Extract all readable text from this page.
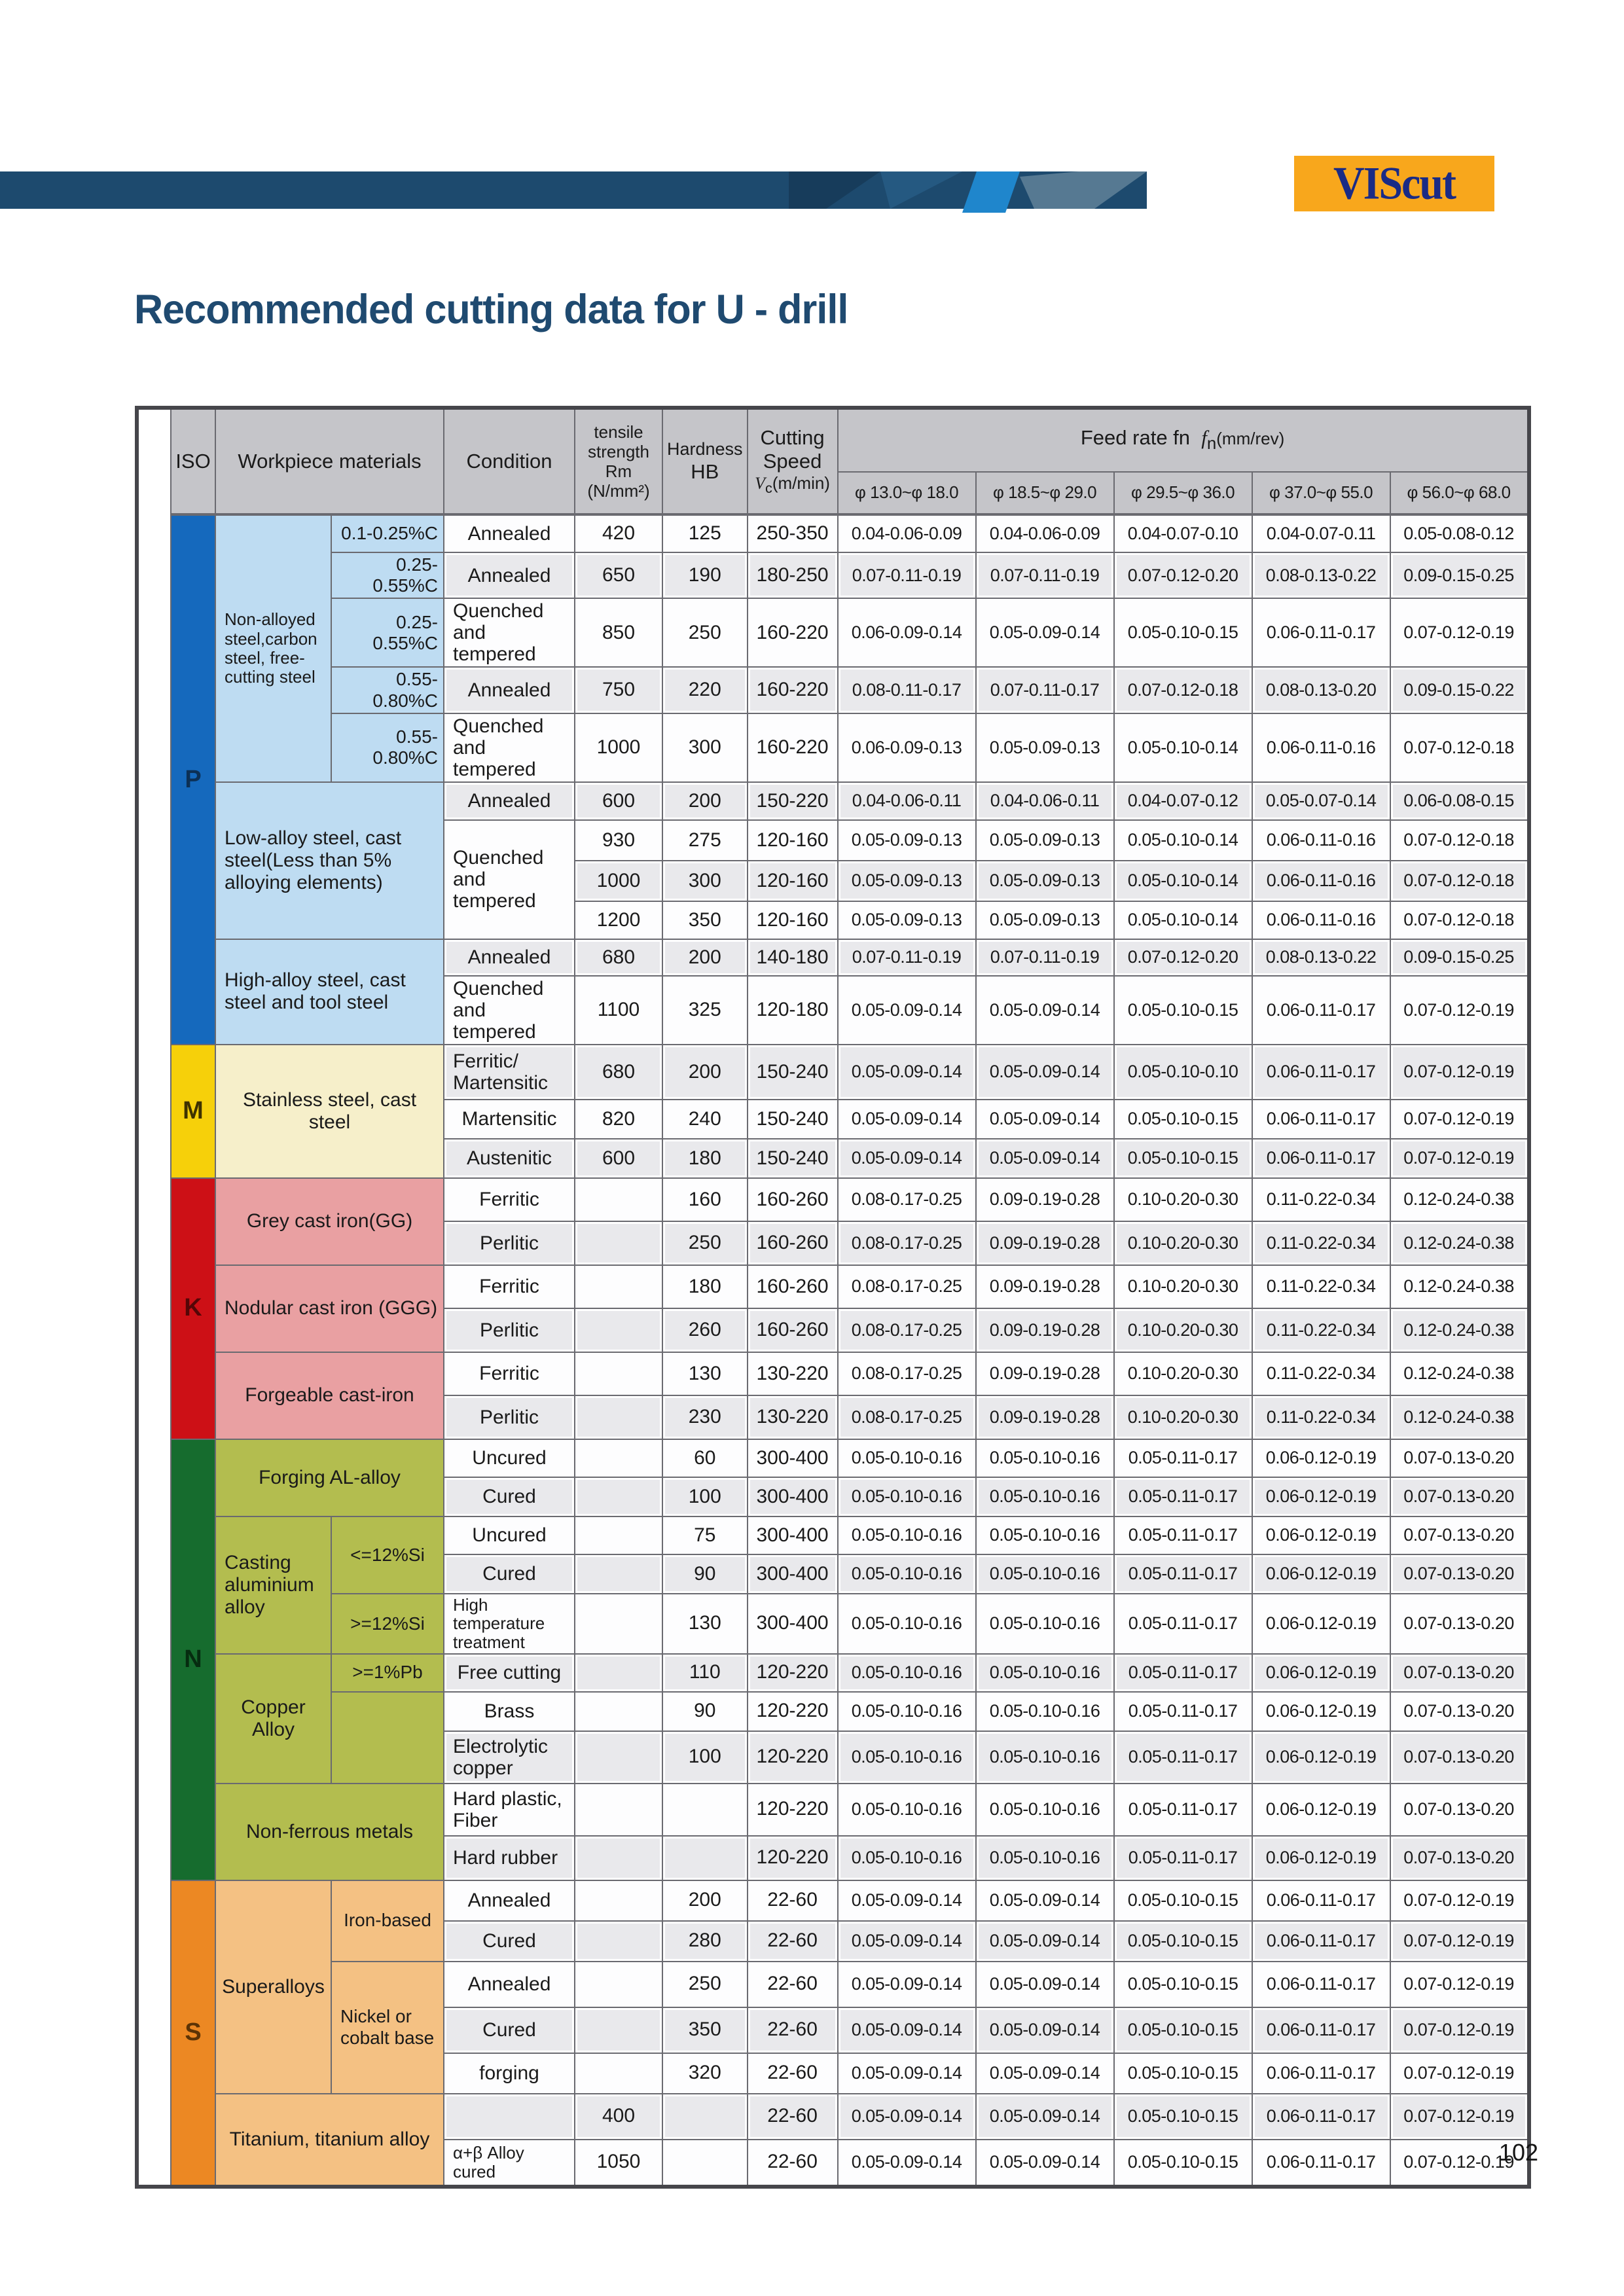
VIScut
Recommended cutting data for U - drill
	ISO	Workpiece materials		Condition	tensile
strength
Rm
(N/mm²)	Hardness
HB	Cutting
Speed
$V_c(m/\min)$	Feed rate fn $f_n(mm/rev)$				
								φ 13.0~φ 18.0	φ 18.5~φ 29.0	φ 29.5~φ 36.0	φ 37.0~φ 55.0	φ 56.0~φ 68.0
	P	Non-alloyed steel,carbon steel, free-cutting steel	0.1-0.25%C	Annealed	420	125	250-350	0.04-0.06-0.09	0.04-0.06-0.09	0.04-0.07-0.10	0.04-0.07-0.11	0.05-0.08-0.12
			0.25-0.55%C	Annealed	650	190	180-250	0.07-0.11-0.19	0.07-0.11-0.19	0.07-0.12-0.20	0.08-0.13-0.22	0.09-0.15-0.25
			0.25-0.55%C	Quenched and tempered	850	250	160-220	0.06-0.09-0.14	0.05-0.09-0.14	0.05-0.10-0.15	0.06-0.11-0.17	0.07-0.12-0.19
			0.55-0.80%C	Annealed	750	220	160-220	0.08-0.11-0.17	0.07-0.11-0.17	0.07-0.12-0.18	0.08-0.13-0.20	0.09-0.15-0.22
			0.55-0.80%C	Quenched and tempered	1000	300	160-220	0.06-0.09-0.13	0.05-0.09-0.13	0.05-0.10-0.14	0.06-0.11-0.16	0.07-0.12-0.18
		Low-alloy steel, cast steel(Less than 5% alloying elements)		Annealed	600	200	150-220	0.04-0.06-0.11	0.04-0.06-0.11	0.04-0.07-0.12	0.05-0.07-0.14	0.06-0.08-0.15
				Quenched and tempered	930	275	120-160	0.05-0.09-0.13	0.05-0.09-0.13	0.05-0.10-0.14	0.06-0.11-0.16	0.07-0.12-0.18
					1000	300	120-160	0.05-0.09-0.13	0.05-0.09-0.13	0.05-0.10-0.14	0.06-0.11-0.16	0.07-0.12-0.18
					1200	350	120-160	0.05-0.09-0.13	0.05-0.09-0.13	0.05-0.10-0.14	0.06-0.11-0.16	0.07-0.12-0.18
		High-alloy steel, cast steel and tool steel		Annealed	680	200	140-180	0.07-0.11-0.19	0.07-0.11-0.19	0.07-0.12-0.20	0.08-0.13-0.22	0.09-0.15-0.25
				Quenched and tempered	1100	325	120-180	0.05-0.09-0.14	0.05-0.09-0.14	0.05-0.10-0.15	0.06-0.11-0.17	0.07-0.12-0.19
	M	Stainless steel, cast steel		Ferritic/ Martensitic	680	200	150-240	0.05-0.09-0.14	0.05-0.09-0.14	0.05-0.10-0.10	0.06-0.11-0.17	0.07-0.12-0.19
				Martensitic	820	240	150-240	0.05-0.09-0.14	0.05-0.09-0.14	0.05-0.10-0.15	0.06-0.11-0.17	0.07-0.12-0.19
				Austenitic	600	180	150-240	0.05-0.09-0.14	0.05-0.09-0.14	0.05-0.10-0.15	0.06-0.11-0.17	0.07-0.12-0.19
	K	Grey cast iron(GG)		Ferritic		160	160-260	0.08-0.17-0.25	0.09-0.19-0.28	0.10-0.20-0.30	0.11-0.22-0.34	0.12-0.24-0.38
				Perlitic		250	160-260	0.08-0.17-0.25	0.09-0.19-0.28	0.10-0.20-0.30	0.11-0.22-0.34	0.12-0.24-0.38
		Nodular cast iron (GGG)		Ferritic		180	160-260	0.08-0.17-0.25	0.09-0.19-0.28	0.10-0.20-0.30	0.11-0.22-0.34	0.12-0.24-0.38
				Perlitic		260	160-260	0.08-0.17-0.25	0.09-0.19-0.28	0.10-0.20-0.30	0.11-0.22-0.34	0.12-0.24-0.38
		Forgeable cast-iron		Ferritic		130	130-220	0.08-0.17-0.25	0.09-0.19-0.28	0.10-0.20-0.30	0.11-0.22-0.34	0.12-0.24-0.38
				Perlitic		230	130-220	0.08-0.17-0.25	0.09-0.19-0.28	0.10-0.20-0.30	0.11-0.22-0.34	0.12-0.24-0.38
	N	Forging AL-alloy		Uncured		60	300-400	0.05-0.10-0.16	0.05-0.10-0.16	0.05-0.11-0.17	0.06-0.12-0.19	0.07-0.13-0.20
				Cured		100	300-400	0.05-0.10-0.16	0.05-0.10-0.16	0.05-0.11-0.17	0.06-0.12-0.19	0.07-0.13-0.20
		Casting aluminium alloy	<=12%Si	Uncured		75	300-400	0.05-0.10-0.16	0.05-0.10-0.16	0.05-0.11-0.17	0.06-0.12-0.19	0.07-0.13-0.20
				Cured		90	300-400	0.05-0.10-0.16	0.05-0.10-0.16	0.05-0.11-0.17	0.06-0.12-0.19	0.07-0.13-0.20
			>=12%Si	High temperature treatment		130	300-400	0.05-0.10-0.16	0.05-0.10-0.16	0.05-0.11-0.17	0.06-0.12-0.19	0.07-0.13-0.20
		Copper Alloy	>=1%Pb	Free cutting		110	120-220	0.05-0.10-0.16	0.05-0.10-0.16	0.05-0.11-0.17	0.06-0.12-0.19	0.07-0.13-0.20
				Brass		90	120-220	0.05-0.10-0.16	0.05-0.10-0.16	0.05-0.11-0.17	0.06-0.12-0.19	0.07-0.13-0.20
				Electrolytic copper		100	120-220	0.05-0.10-0.16	0.05-0.10-0.16	0.05-0.11-0.17	0.06-0.12-0.19	0.07-0.13-0.20
		Non-ferrous metals		Hard plastic, Fiber			120-220	0.05-0.10-0.16	0.05-0.10-0.16	0.05-0.11-0.17	0.06-0.12-0.19	0.07-0.13-0.20
				Hard rubber			120-220	0.05-0.10-0.16	0.05-0.10-0.16	0.05-0.11-0.17	0.06-0.12-0.19	0.07-0.13-0.20
	S	Superalloys	Iron-based	Annealed		200	22-60	0.05-0.09-0.14	0.05-0.09-0.14	0.05-0.10-0.15	0.06-0.11-0.17	0.07-0.12-0.19
				Cured		280	22-60	0.05-0.09-0.14	0.05-0.09-0.14	0.05-0.10-0.15	0.06-0.11-0.17	0.07-0.12-0.19
			Nickel or cobalt base	Annealed		250	22-60	0.05-0.09-0.14	0.05-0.09-0.14	0.05-0.10-0.15	0.06-0.11-0.17	0.07-0.12-0.19
				Cured		350	22-60	0.05-0.09-0.14	0.05-0.09-0.14	0.05-0.10-0.15	0.06-0.11-0.17	0.07-0.12-0.19
				forging		320	22-60	0.05-0.09-0.14	0.05-0.09-0.14	0.05-0.10-0.15	0.06-0.11-0.17	0.07-0.12-0.19
		Titanium, titanium alloy			400		22-60	0.05-0.09-0.14	0.05-0.09-0.14	0.05-0.10-0.15	0.06-0.11-0.17	0.07-0.12-0.19
				α+β Alloy cured	1050		22-60	0.05-0.09-0.14	0.05-0.09-0.14	0.05-0.10-0.15	0.06-0.11-0.17	0.07-0.12-0.19
102
